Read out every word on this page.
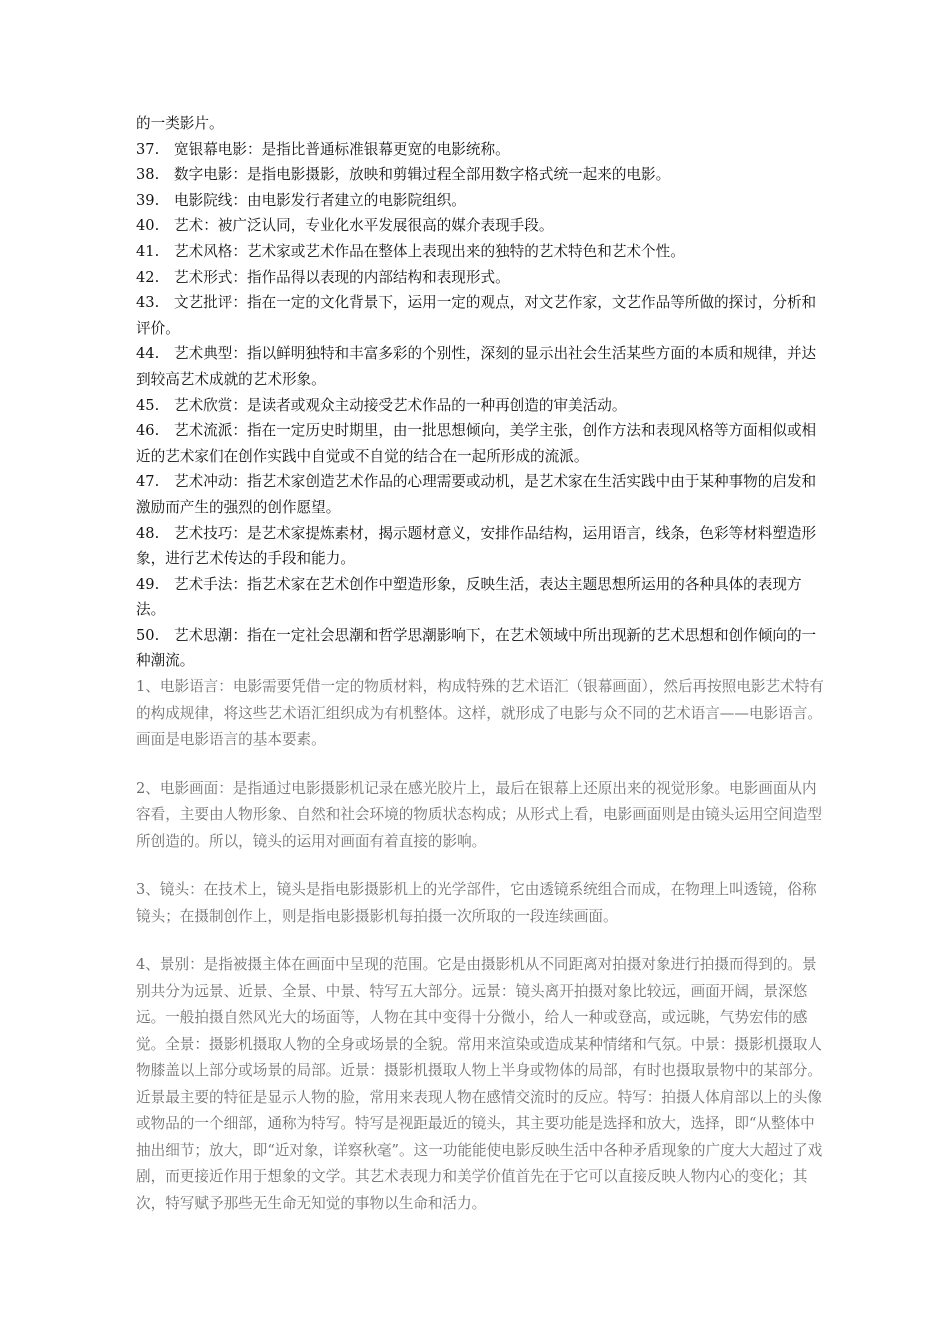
的一类影片。

37. 宽银幕电影：是指比普通标准银幕更宽的电影统称。

38. 数字电影：是指电影摄影，放映和剪辑过程全部用数字格式统一起来的电影。

39. 电影院线：由电影发行者建立的电影院组织。

40. 艺术：被广泛认同，专业化水平发展很高的媒介表现手段。

41. 艺术风格：艺术家或艺术作品在整体上表现出来的独特的艺术特色和艺术个性。

42. 艺术形式：指作品得以表现的内部结构和表现形式。

43. 文艺批评：指在一定的文化背景下，运用一定的观点，对文艺作家，文艺作品等所做的探讨，分析和评价。

44. 艺术典型：指以鲜明独特和丰富多彩的个别性，深刻的显示出社会生活某些方面的本质和规律，并达到较高艺术成就的艺术形象。

45. 艺术欣赏：是读者或观众主动接受艺术作品的一种再创造的审美活动。

46. 艺术流派：指在一定历史时期里，由一批思想倾向，美学主张，创作方法和表现风格等方面相似或相近的艺术家们在创作实践中自觉或不自觉的结合在一起所形成的流派。

47. 艺术冲动：指艺术家创造艺术作品的心理需要或动机，是艺术家在生活实践中由于某种事物的启发和激励而产生的强烈的创作愿望。

48. 艺术技巧：是艺术家提炼素材，揭示题材意义，安排作品结构，运用语言，线条，色彩等材料塑造形象，进行艺术传达的手段和能力。

49. 艺术手法：指艺术家在艺术创作中塑造形象，反映生活，表达主题思想所运用的各种具体的表现方法。

50. 艺术思潮：指在一定社会思潮和哲学思潮影响下，在艺术领域中所出现新的艺术思想和创作倾向的一种潮流。

1、电影语言：电影需要凭借一定的物质材料，构成特殊的艺术语汇（银幕画面），然后再按照电影艺术特有的构成规律，将这些艺术语汇组织成为有机整体。这样，就形成了电影与众不同的艺术语言——电影语言。画面是电影语言的基本要素。

2、电影画面：是指通过电影摄影机记录在感光胶片上，最后在银幕上还原出来的视觉形象。电影画面从内容看，主要由人物形象、自然和社会环境的物质状态构成；从形式上看，电影画面则是由镜头运用空间造型所创造的。所以，镜头的运用对画面有着直接的影响。

3、镜头：在技术上，镜头是指电影摄影机上的光学部件，它由透镜系统组合而成，在物理上叫透镜，俗称镜头；在摄制创作上，则是指电影摄影机每拍摄一次所取的一段连续画面。

4、景别：是指被摄主体在画面中呈现的范围。它是由摄影机从不同距离对拍摄对象进行拍摄而得到的。景别共分为远景、近景、全景、中景、特写五大部分。远景：镜头离开拍摄对象比较远，画面开阔，景深悠远。一般拍摄自然风光大的场面等，人物在其中变得十分微小，给人一种或登高，或远眺，气势宏伟的感觉。全景：摄影机摄取人物的全身或场景的全貌。常用来渲染或造成某种情绪和气氛。中景：摄影机摄取人物膝盖以上部分或场景的局部。近景：摄影机摄取人物上半身或物体的局部，有时也摄取景物中的某部分。近景最主要的特征是显示人物的脸，常用来表现人物在感情交流时的反应。特写：拍摄人体肩部以上的头像或物品的一个细部，通称为特写。特写是视距最近的镜头，其主要功能是选择和放大，选择，即“从整体中抽出细节；放大，即“近对象，详察秋毫”。这一功能能使电影反映生活中各种矛盾现象的广度大大超过了戏剧，而更接近作用于想象的文学。其艺术表现力和美学价值首先在于它可以直接反映人物内心的变化；其次，特写赋予那些无生命无知觉的事物以生命和活力。
